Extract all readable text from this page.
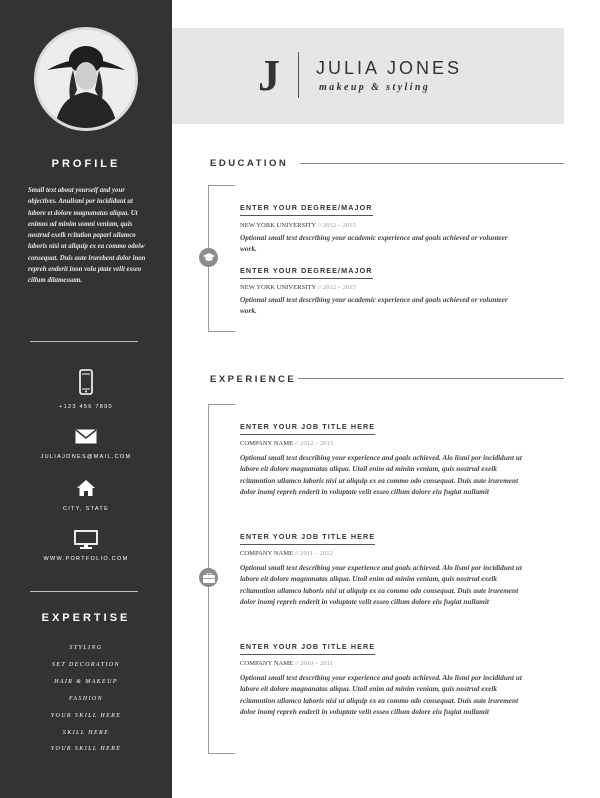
PROFILE
Small text about yourself and your objectives. Anulismi por incididunt ut labore et dolore magnanatas aliqua. Ut enimos ad minim somni veniam, quis nostrud exelk rcitation papari ullamco laboris nisi ut aliquip ex ea commo odoiw consequat. Duis aute irurebent dolor inon repreh enderit inon volu ptate velit esseo cillum dilamessam.
+123 456 7890
JULIAJONES@MAIL.COM
CITY, STATE
WWW.PORTFOLIO.COM
EXPERTISE
STYLING
SET DECORATION
HAIR & MAKEUP
FASHION
YOUR SKILL HERE
SKILL HERE
YOUR SKILL HERE
J JULIA JONES
makeup & styling
EDUCATION
ENTER YOUR DEGREE/MAJOR
NEW YORK UNIVERSITY // 2012 – 2015
Optional small text describing your academic experience and goals achieved or volunteer work.
ENTER YOUR DEGREE/MAJOR
NEW YORK UNIVERSITY // 2012 – 2015
Optional small text describing your academic experience and goals achieved or volunteer work.
EXPERIENCE
ENTER YOUR JOB TITLE HERE
COMPANY NAME // 2012 – 2015
Optional small text describing your experience and goals achieved. Alo lismi por incididunt ut labore eit dolore magnanatas aliqua. Utoil enim ad minim veniam, quis nostrud exelk rcitamntion ullamco laboris nisi ut aliquip ex ea commo odo consequat. Duis aute irurement dolor inomj repreh enderit in voluptate velit esseo cillum dolore eiu fugiat nullamit
ENTER YOUR JOB TITLE HERE
COMPANY NAME // 2011 – 2012
Optional small text describing your experience and goals achieved. Alo lismi por incididunt ut labore eit dolore magnanatas aliqua. Utoil enim ad minim veniam, quis nostrud exelk rcitamntion ullamco laboris nisi ut aliquip ex ea commo odo consequat. Duis aute irurement dolor inomj repreh enderit in voluptate velit esseo cillum dolore eiu fugiat nullamit
ENTER YOUR JOB TITLE HERE
COMPANY NAME // 2010 – 2011
Optional small text describing your experience and goals achieved. Alo lismi por incididunt ut labore eit dolore magnanatas aliqua. Utoil enim ad minim veniam, quis nostrud exelk rcitamntion ullamco laboris nisi ut aliquip ex ea commo odo consequat. Duis aute irurement dolor inomj repreh enderit in voluptate velit esseo cillum dolore eiu fugiat nullamit
